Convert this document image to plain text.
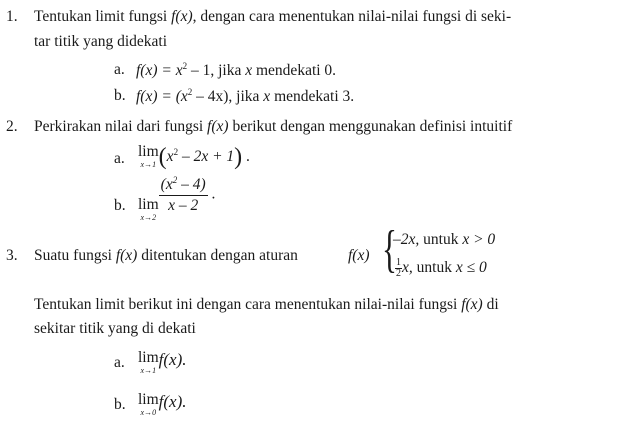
1. Tentukan limit fungsi f(x), dengan cara menentukan nilai-nilai fungsi di seki-
tar titik yang didekati
a. $f(x) = x^2 - 1$, jika x mendekati 0.
b. $f(x) = (x^2 - 4x)$, jika x mendekati 3.
2. Perkirakan nilai dari fungsi f(x) berikut dengan menggunakan definisi intuitif
a. lim
x→1 $(x^2 - 2x + 1)$ .
b. lim
x→2
$\frac{(x^2 - 4)}{x - 2}$ .
3. Suatu fungsi f(x) ditentukan dengan aturan	f(x) {
–2x, untuk x > 0
$\frac{1}{2} x$, untuk x ≤ 0
Tentukan limit berikut ini dengan cara menentukan nilai-nilai fungsi f(x) di
sekitar titik yang di dekati
a. lim
x→1
f(x).
b. lim
x→0
f(x).
